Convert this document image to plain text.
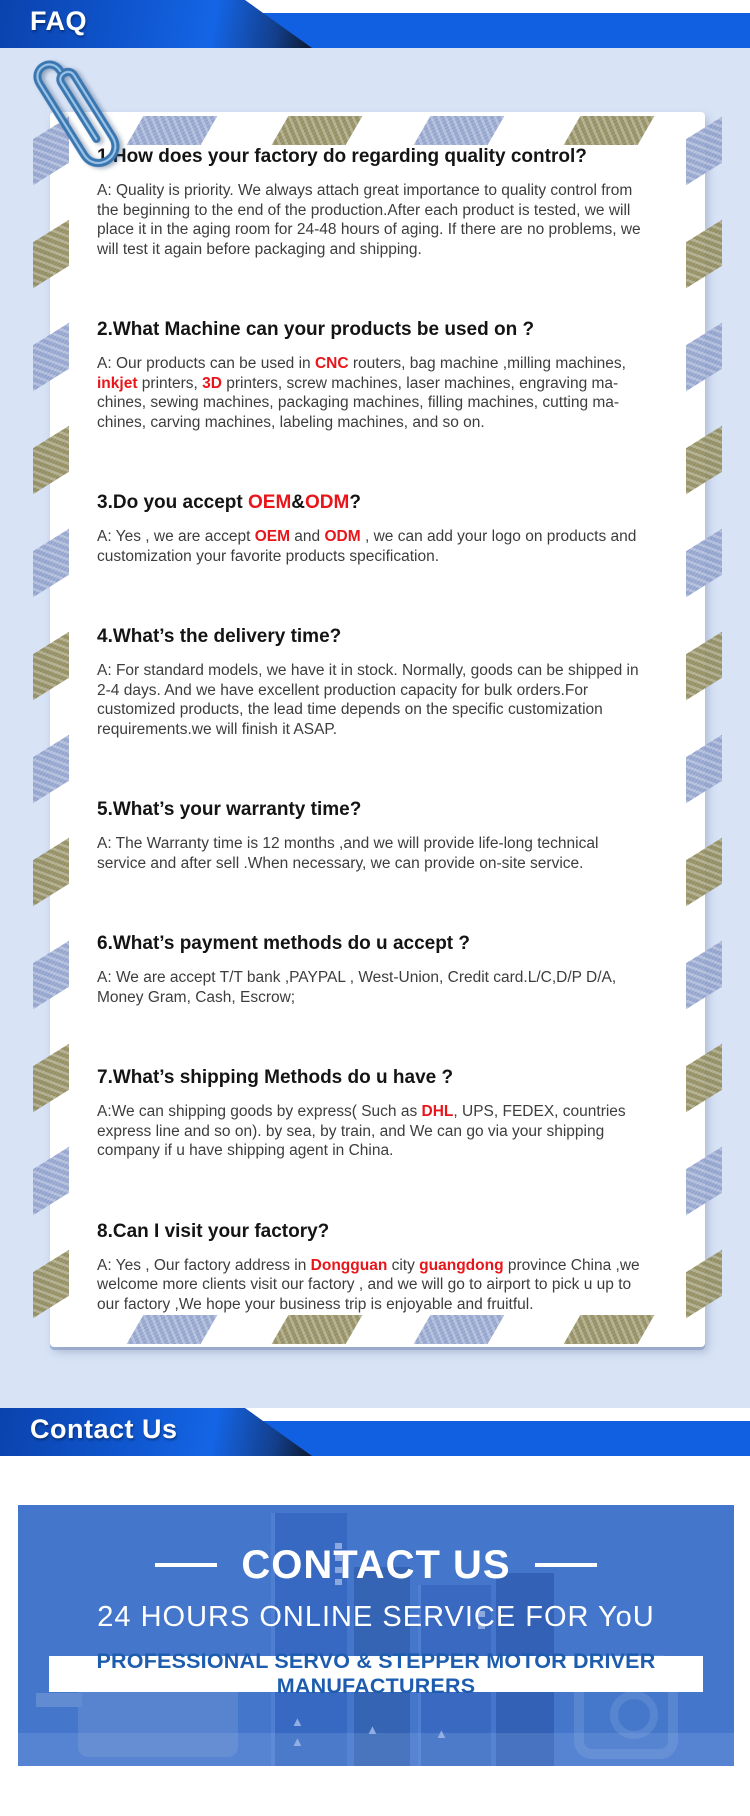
FAQ
1.How does your factory do regarding quality control?

A: Quality is priority. We always attach great importance to quality control from the beginning to the end of the production.After each product is tested, we will place it in the aging room for 24-48 hours of aging. If there are no problems, we will test it again before packaging and shipping.

2.What Machine can your products be used on ?

A: Our products can be used in CNC routers, bag machine ,milling machines, inkjet printers, 3D printers, screw machines, laser machines, engraving ma-chines, sewing machines, packaging machines, filling machines, cutting ma-chines, carving machines, labeling machines, and so on.

3.Do you accept OEM&ODM?

A: Yes , we are accept OEM and ODM , we can add your logo on products and customization your favorite products specification.

4.What’s the delivery time?

A: For standard models, we have it in stock. Normally, goods can be shipped in 2-4 days. And we have excellent production capacity for bulk orders.For customized products, the lead time depends on the specific customization requirements.we will finish it ASAP.

5.What’s your warranty time?

A: The Warranty time is 12 months ,and we will provide life-long technical service and after sell .When necessary, we can provide on-site service.

6.What’s payment methods do u accept ?

A: We are accept T/T bank ,PAYPAL , West-Union, Credit card.L/C,D/P D/A, Money Gram, Cash, Escrow;

7.What’s shipping Methods do u have ?

A:We can shipping goods by express( Such as DHL, UPS, FEDEX, countries express line and so on). by sea, by train, and We can go via your shipping company if u have shipping agent in China.

8.Can I visit your factory?

A: Yes , Our factory address in Dongguan city guangdong province China ,we welcome more clients visit our factory , and we will go to airport to pick u up to our factory ,We hope your business trip is enjoyable and fruitful.

Contact Us
▲
▲
▲	▲
CONTACT US
24 HOURS ONLINE SERVICE FOR YoU
PROFESSIONAL SERVO & STEPPER MOTOR DRIVER MANUFACTURERS
